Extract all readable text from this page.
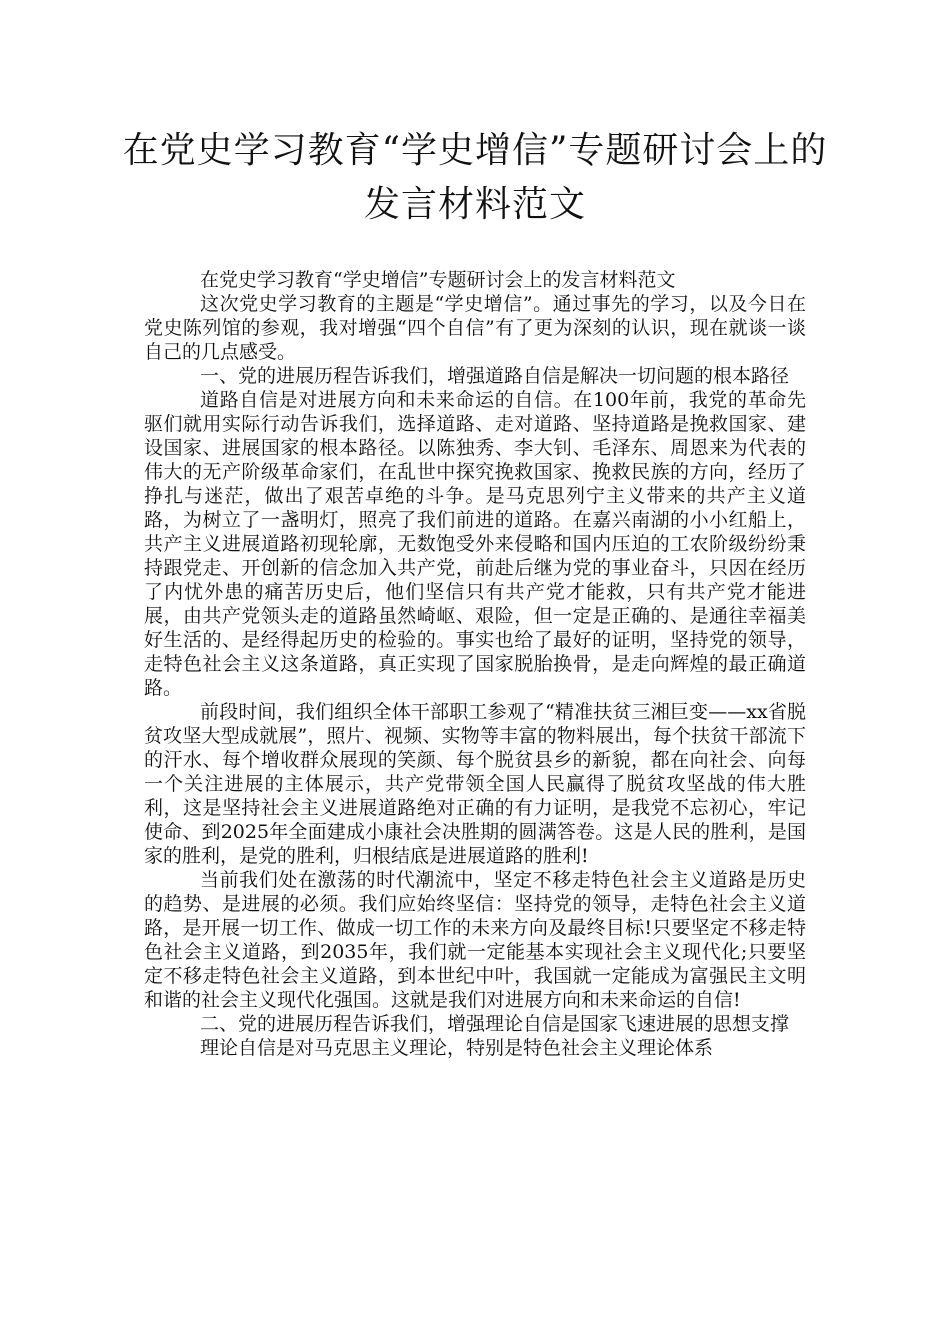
在党史学习教育“学史增信”专题研讨会上的发言材料范文

在党史学习教育“学史增信”专题研讨会上的发言材料范文

这次党史学习教育的主题是“学史增信”。通过事先的学习，以及今日在党史陈列馆的参观，我对增强“四个自信”有了更为深刻的认识，现在就谈一谈自己的几点感受。

一、党的进展历程告诉我们，增强道路自信是解决一切问题的根本路径

道路自信是对进展方向和未来命运的自信。在100年前，我党的革命先驱们就用实际行动告诉我们，选择道路、走对道路、坚持道路是挽救国家、建设国家、进展国家的根本路径。以陈独秀、李大钊、毛泽东、周恩来为代表的伟大的无产阶级革命家们，在乱世中探究挽救国家、挽救民族的方向，经历了挣扎与迷茫，做出了艰苦卓绝的斗争。是马克思列宁主义带来的共产主义道路，为树立了一盏明灯，照亮了我们前进的道路。在嘉兴南湖的小小红船上，共产主义进展道路初现轮廓，无数饱受外来侵略和国内压迫的工农阶级纷纷秉持跟党走、开创新的信念加入共产党，前赴后继为党的事业奋斗，只因在经历了内忧外患的痛苦历史后，他们坚信只有共产党才能救，只有共产党才能进展，由共产党领头走的道路虽然崎岖、艰险，但一定是正确的、是通往幸福美好生活的、是经得起历史的检验的。事实也给了最好的证明，坚持党的领导，走特色社会主义这条道路，真正实现了国家脱胎换骨，是走向辉煌的最正确道路。

前段时间，我们组织全体干部职工参观了“精准扶贫三湘巨变——xx省脱贫攻坚大型成就展”，照片、视频、实物等丰富的物料展出，每个扶贫干部流下的汗水、每个增收群众展现的笑颜、每个脱贫县乡的新貌，都在向社会、向每一个关注进展的主体展示，共产党带领全国人民赢得了脱贫攻坚战的伟大胜利，这是坚持社会主义进展道路绝对正确的有力证明，是我党不忘初心，牢记使命、到2025年全面建成小康社会决胜期的圆满答卷。这是人民的胜利，是国家的胜利，是党的胜利，归根结底是进展道路的胜利!

当前我们处在激荡的时代潮流中，坚定不移走特色社会主义道路是历史的趋势、是进展的必须。我们应始终坚信：坚持党的领导，走特色社会主义道路，是开展一切工作、做成一切工作的未来方向及最终目标!只要坚定不移走特色社会主义道路，到2035年，我们就一定能基本实现社会主义现代化;只要坚定不移走特色社会主义道路，到本世纪中叶，我国就一定能成为富强民主文明和谐的社会主义现代化强国。这就是我们对进展方向和未来命运的自信!

二、党的进展历程告诉我们，增强理论自信是国家飞速进展的思想支撑

理论自信是对马克思主义理论，特别是特色社会主义理论体系
